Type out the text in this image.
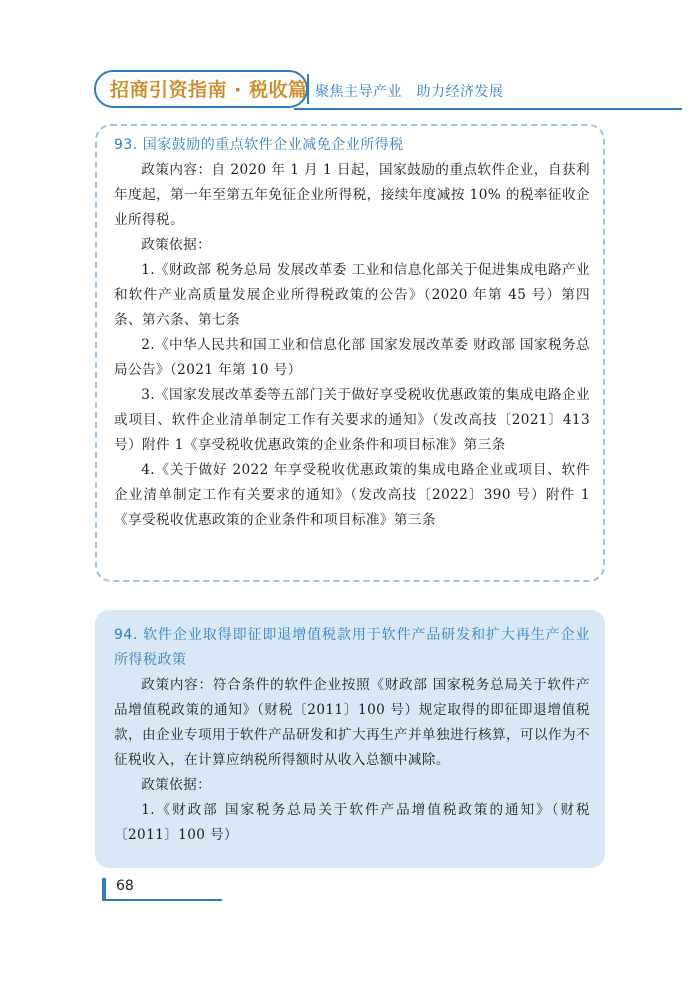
招商引资指南 · 税收篇 聚焦主导产业　助力经济发展

93. 国家鼓励的重点软件企业减免企业所得税

政策内容：自 2020 年 1 月 1 日起，国家鼓励的重点软件企业，自获利年度起，第一年至第五年免征企业所得税，接续年度减按 10% 的税率征收企业所得税。

政策依据：

1.《财政部 税务总局 发展改革委 工业和信息化部关于促进集成电路产业和软件产业高质量发展企业所得税政策的公告》（2020 年第 45 号）第四条、第六条、第七条

2.《中华人民共和国工业和信息化部 国家发展改革委 财政部 国家税务总局公告》（2021 年第 10 号）

3.《国家发展改革委等五部门关于做好享受税收优惠政策的集成电路企业或项目、软件企业清单制定工作有关要求的通知》（发改高技〔2021〕413 号）附件 1《享受税收优惠政策的企业条件和项目标准》第三条

4.《关于做好 2022 年享受税收优惠政策的集成电路企业或项目、软件企业清单制定工作有关要求的通知》（发改高技〔2022〕390 号）附件 1《享受税收优惠政策的企业条件和项目标准》第三条

94. 软件企业取得即征即退增值税款用于软件产品研发和扩大再生产企业所得税政策

政策内容：符合条件的软件企业按照《财政部 国家税务总局关于软件产品增值税政策的通知》（财税〔2011〕100 号）规定取得的即征即退增值税款，由企业专项用于软件产品研发和扩大再生产并单独进行核算，可以作为不征税收入，在计算应纳税所得额时从收入总额中减除。

政策依据：

1.《财政部 国家税务总局关于软件产品增值税政策的通知》（财税〔2011〕100 号）

68
